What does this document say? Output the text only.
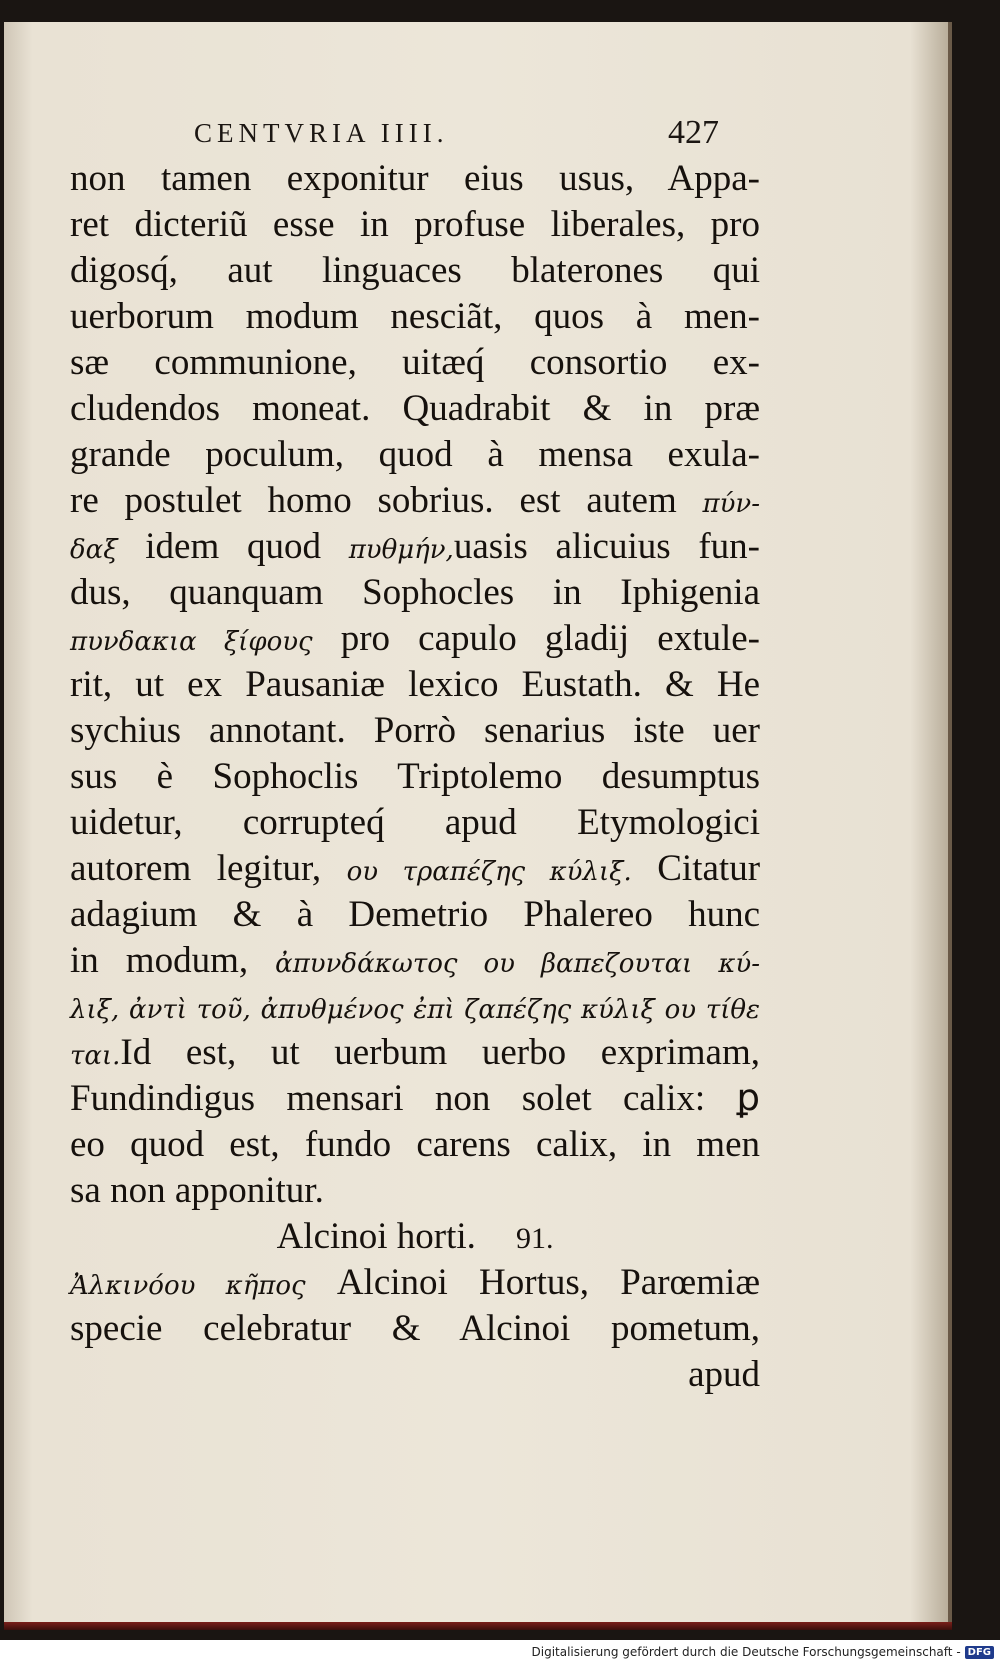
CENTVRIA IIII.	427
non tamen exponitur eius usus, Appa-
ret dicteriũ esse in profuse liberales, pro
digosq́, aut linguaces blaterones qui
uerborum modum nesciãt, quos à men-
sæ communione, uitæq́ consortio ex-
cludendos moneat. Quadrabit & in præ
grande poculum, quod à mensa exula-
re postulet homo sobrius. est autem πύν-
δαξ idem quod πυθμήν,uasis alicuius fun-
dus, quanquam Sophocles in Iphigenia
πυνδακια ξίφους pro capulo gladij extule-
rit, ut ex Pausaniæ lexico Eustath. & He
sychius annotant. Porrò senarius iste uer
sus è Sophoclis Triptolemo desumptus
uidetur, corrupteq́ apud Etymologici
autorem legitur, ου τραπέζης κύλιξ. Citatur
adagium & à Demetrio Phalereo hunc
in modum, ἀπυνδάκωτος ου βαπεζουται κύ-
λιξ, ἀντὶ τοῦ, ἀπυθμένος ἐπὶ ζαπέζης κύλιξ ου τίθε
ται.Id est, ut uerbum uerbo exprimam,
Fundindigus mensari non solet calix: ꝑ
eo quod est, fundo carens calix, in men
sa non apponitur.
Alcinoi horti. 91.
Ἀλκινόου κῆπος Alcinoi Hortus, Parœmiæ
specie celebratur & Alcinoi pometum,
apud
Digitalisierung gefördert durch die Deutsche Forschungsgemeinschaft - DFG
